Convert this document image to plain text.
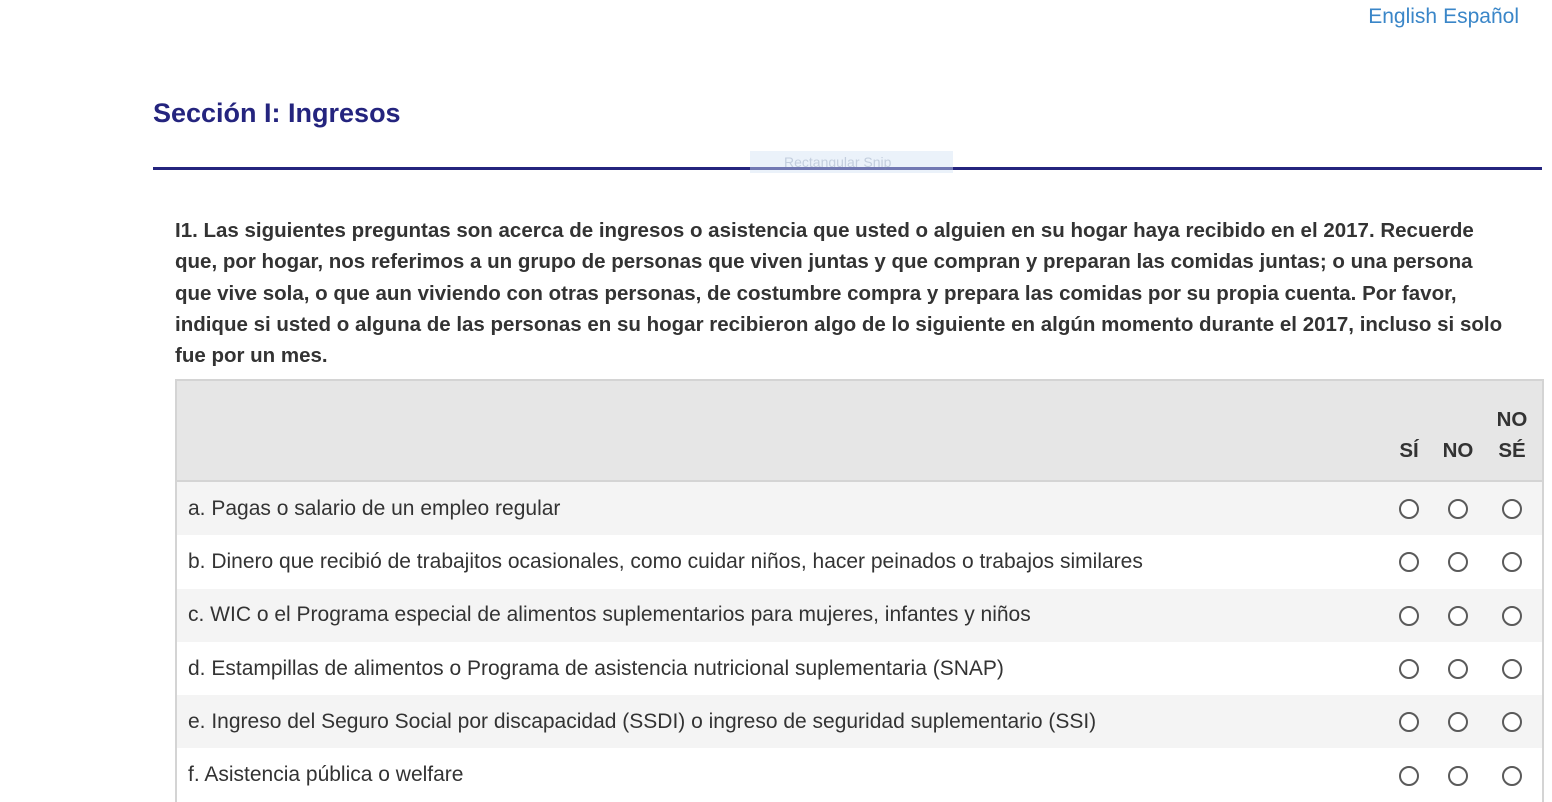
English Español
Sección I: Ingresos
Rectangular Snip

I1. Las siguientes preguntas son acerca de ingresos o asistencia que usted o alguien en su hogar haya recibido en el 2017. Recuerde que, por hogar, nos referimos a un grupo de personas que viven juntas y que compran y preparan las comidas juntas; o una persona que vive sola, o que aun viviendo con otras personas, de costumbre compra y prepara las comidas por su propia cuenta. Por favor, indique si usted o alguna de las personas en su hogar recibieron algo de lo siguiente en algún momento durante el 2017, incluso si solo fue por un mes.

	SÍ	NO	NO
SÉ
a. Pagas o salario de un empleo regular			
b. Dinero que recibió de trabajitos ocasionales, como cuidar niños, hacer peinados o trabajos similares			
c. WIC o el Programa especial de alimentos suplementarios para mujeres, infantes y niños			
d. Estampillas de alimentos o Programa de asistencia nutricional suplementaria (SNAP)			
e. Ingreso del Seguro Social por discapacidad (SSDI) o ingreso de seguridad suplementario (SSI)			
f. Asistencia pública o welfare			
